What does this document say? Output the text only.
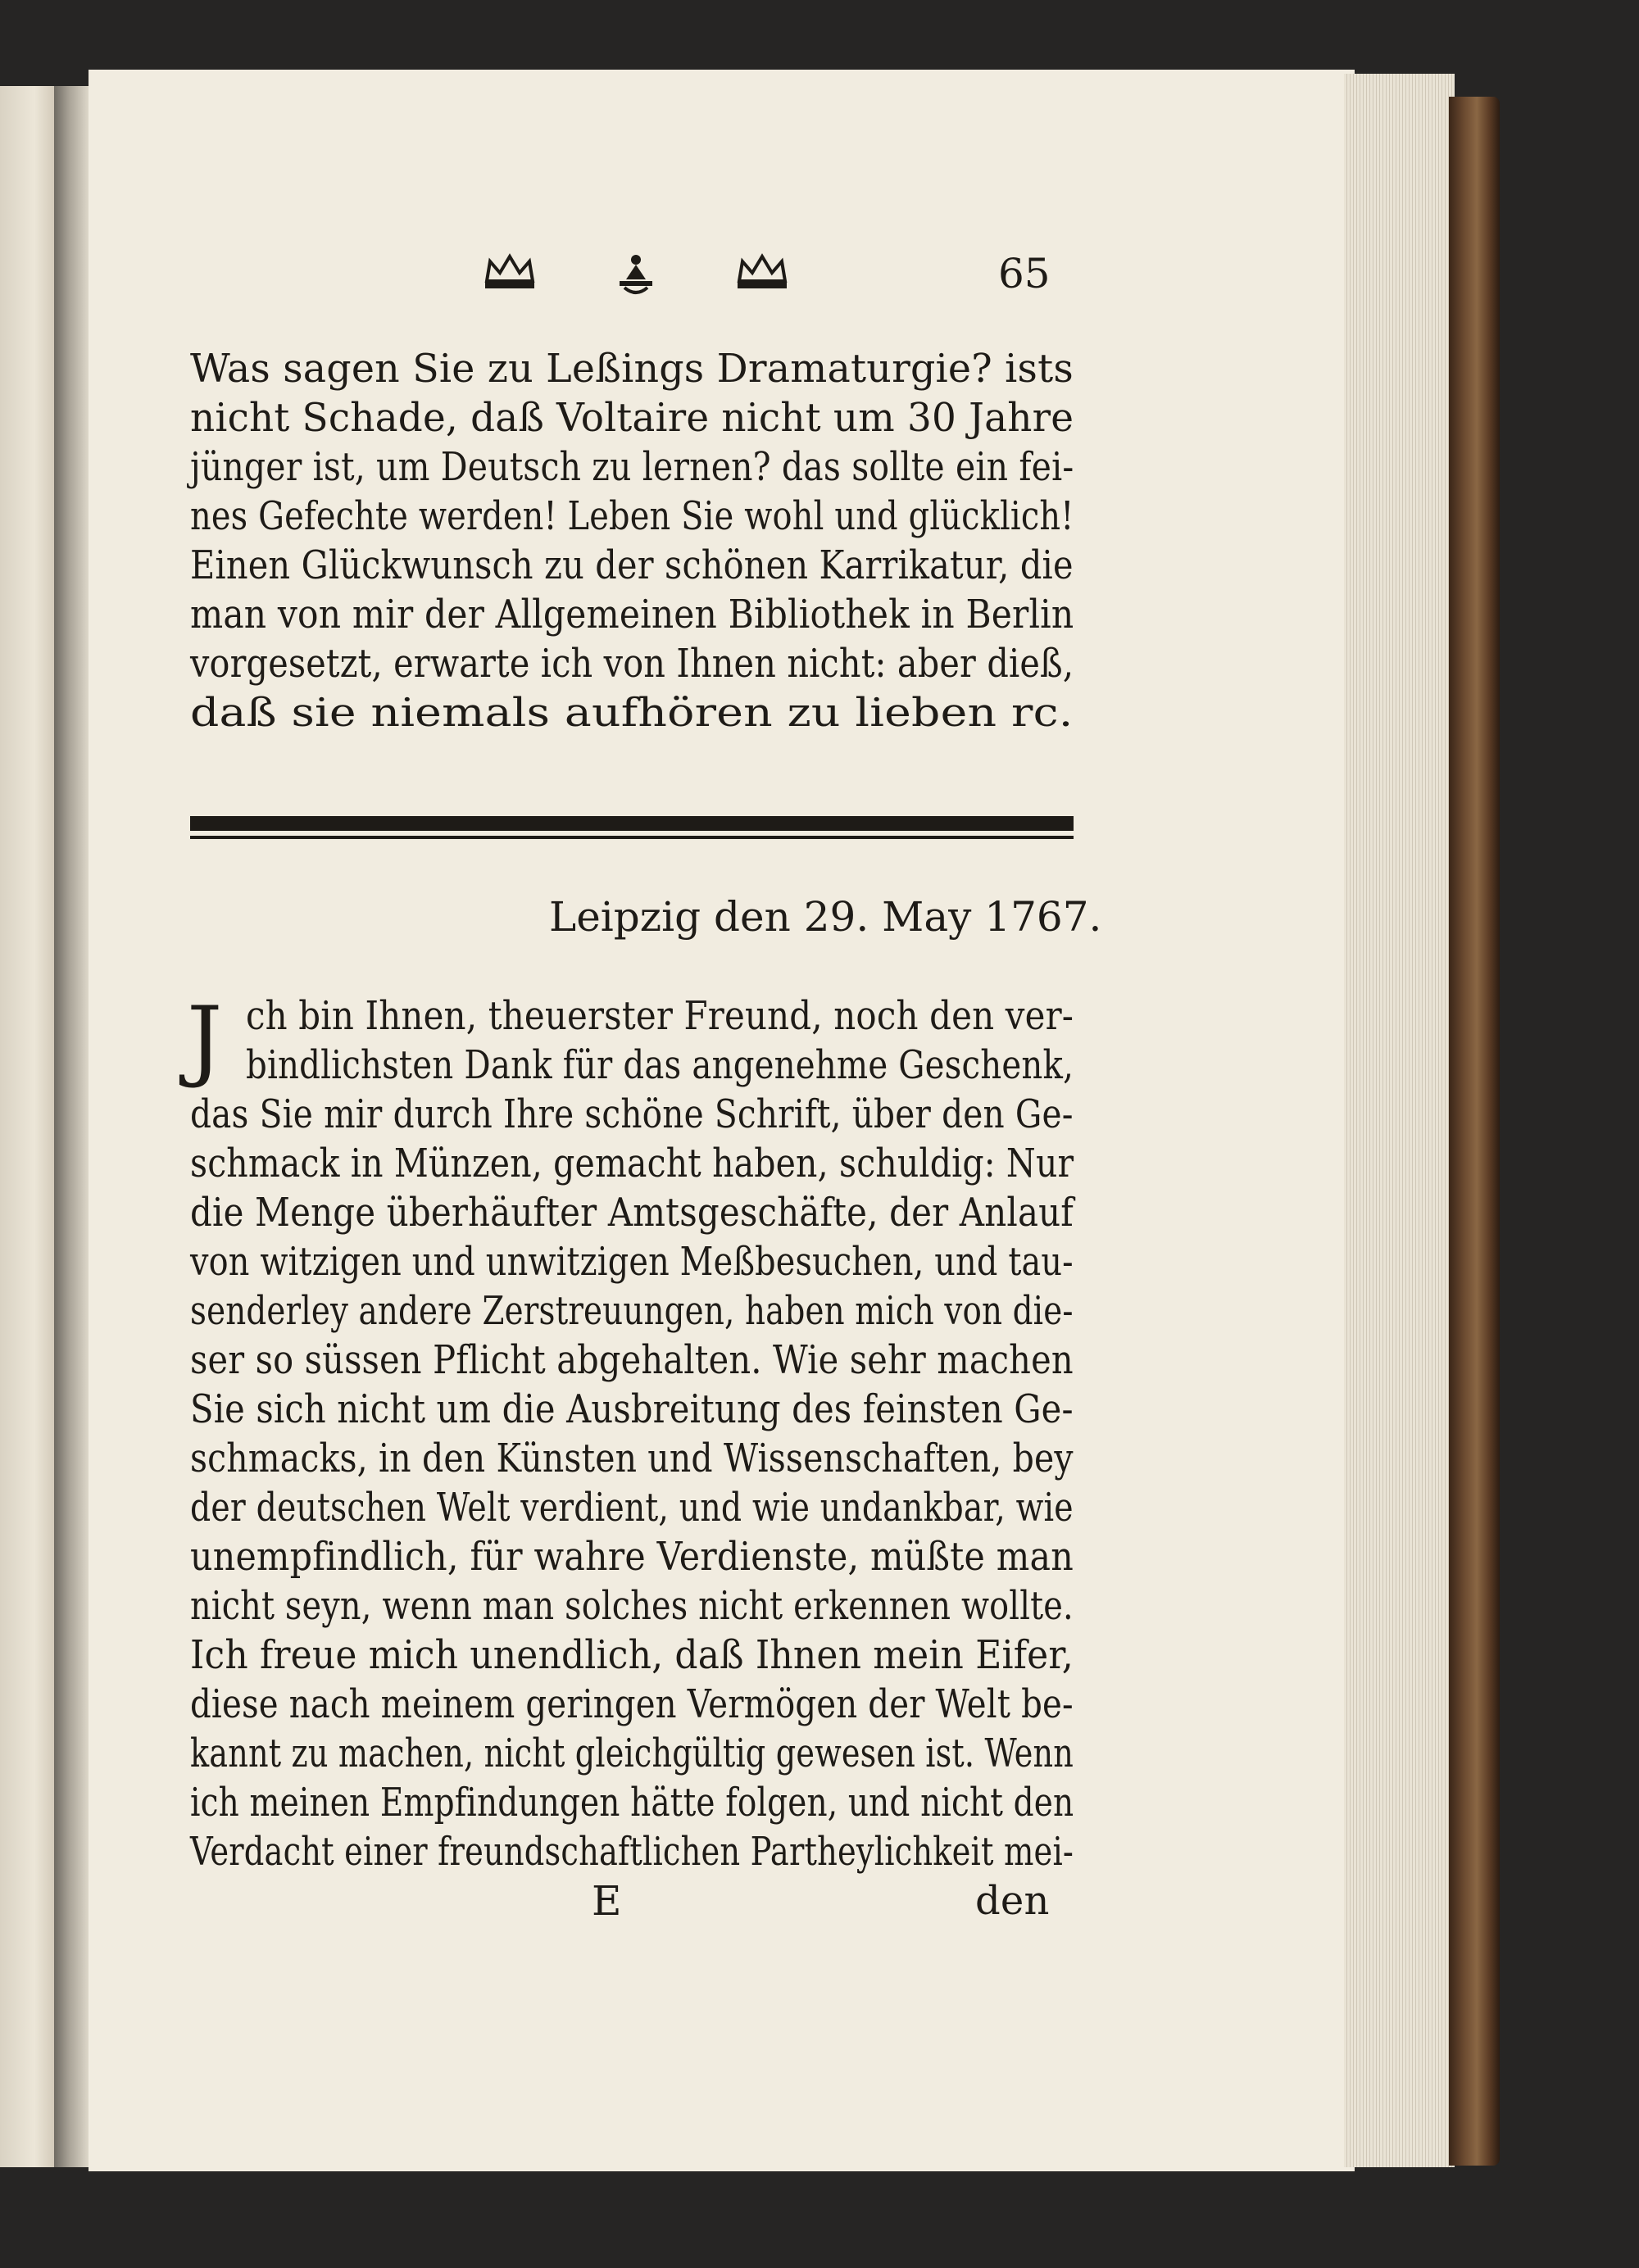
65
Was sagen Sie zu Leßings Dramaturgie? ists
nicht Schade, daß Voltaire nicht um 30 Jahre
jünger ist, um Deutsch zu lernen? das sollte ein fei-
nes Gefechte werden! Leben Sie wohl und glücklich!
Einen Glückwunsch zu der schönen Karrikatur, die
man von mir der Allgemeinen Bibliothek in Berlin
vorgesetzt, erwarte ich von Ihnen nicht: aber dieß,
daß sie niemals aufhören zu lieben rc.
Leipzig den 29. May 1767.
J ch bin Ihnen, theuerster Freund, noch den ver-
bindlichsten Dank für das angenehme Geschenk,
das Sie mir durch Ihre schöne Schrift, über den Ge-
schmack in Münzen, gemacht haben, schuldig: Nur
die Menge überhäufter Amtsgeschäfte, der Anlauf
von witzigen und unwitzigen Meßbesuchen, und tau-
senderley andere Zerstreuungen, haben mich von die-
ser so süssen Pflicht abgehalten. Wie sehr machen
Sie sich nicht um die Ausbreitung des feinsten Ge-
schmacks, in den Künsten und Wissenschaften, bey
der deutschen Welt verdient, und wie undankbar, wie
unempfindlich, für wahre Verdienste, müßte man
nicht seyn, wenn man solches nicht erkennen wollte.
Ich freue mich unendlich, daß Ihnen mein Eifer,
diese nach meinem geringen Vermögen der Welt be-
kannt zu machen, nicht gleichgültig gewesen ist. Wenn
ich meinen Empfindungen hätte folgen, und nicht den
Verdacht einer freundschaftlichen Partheylichkeit mei-
E	den
